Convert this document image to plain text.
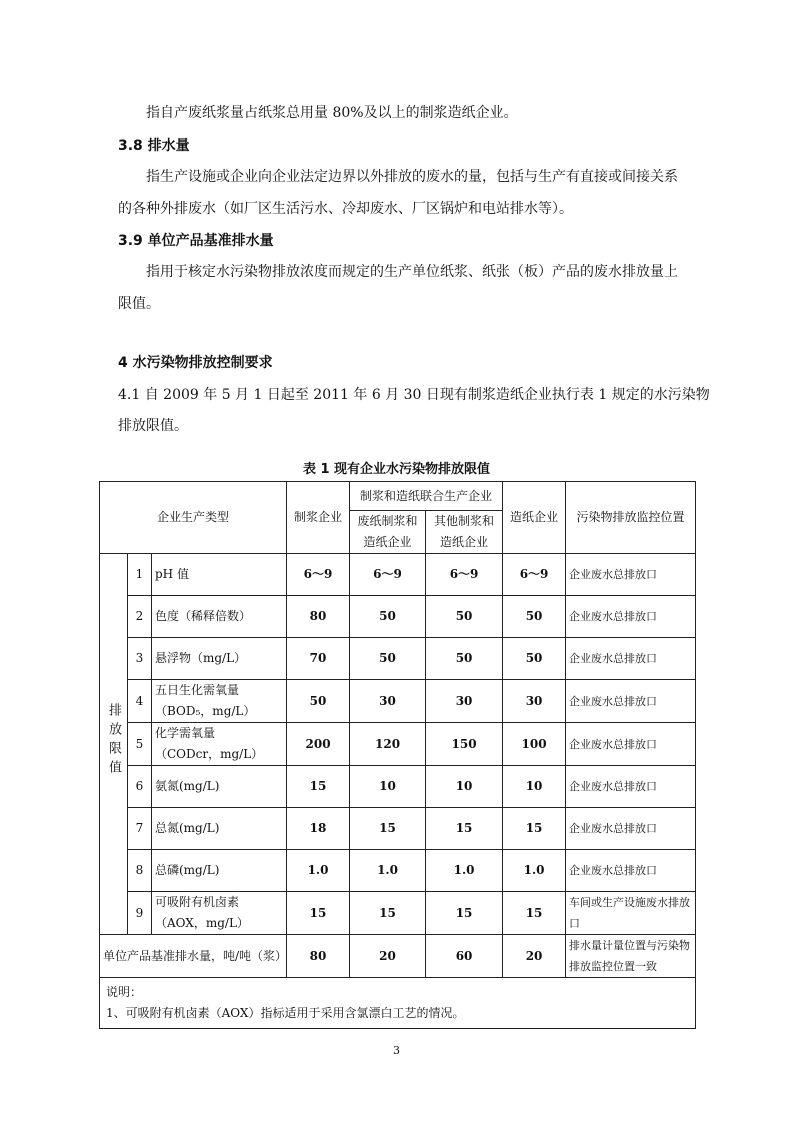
指自产废纸浆量占纸浆总用量 80%及以上的制浆造纸企业。
3.8 排水量
指生产设施或企业向企业法定边界以外排放的废水的量，包括与生产有直接或间接关系
的各种外排废水（如厂区生活污水、冷却废水、厂区锅炉和电站排水等）。
3.9 单位产品基准排水量
指用于核定水污染物排放浓度而规定的生产单位纸浆、纸张（板）产品的废水排放量上
限值。
4 水污染物排放控制要求
4.1 自 2009 年 5 月 1 日起至 2011 年 6 月 30 日现有制浆造纸企业执行表 1 规定的水污染物
排放限值。
表 1 现有企业水污染物排放限值
企业生产类型			制浆企业	制浆和造纸联合生产企业		造纸企业	污染物排放监控位置
				废纸制浆和造纸企业	其他制浆和造纸企业		
排放限值	1	pH 值	6～9	6～9	6～9	6～9	企业废水总排放口
	2	色度（稀释倍数）	80	50	50	50	企业废水总排放口
	3	悬浮物（mg/L）	70	50	50	50	企业废水总排放口
	4	五日生化需氧量
（BOD₅，mg/L）	50	30	30	30	企业废水总排放口
	5	化学需氧量
（CODcr，mg/L）	200	120	150	100	企业废水总排放口
	6	氨氮(mg/L)	15	10	10	10	企业废水总排放口
	7	总氮(mg/L)	18	15	15	15	企业废水总排放口
	8	总磷(mg/L)	1.0	1.0	1.0	1.0	企业废水总排放口
	9	可吸附有机卤素
（AOX，mg/L）	15	15	15	15	车间或生产设施废水排放口
单位产品基准排水量，吨/吨（浆）			80	20	60	20	排水量计量位置与污染物排放监控位置一致

说明：
1、可吸附有机卤素（AOX）指标适用于采用含氯漂白工艺的情况。							
3
